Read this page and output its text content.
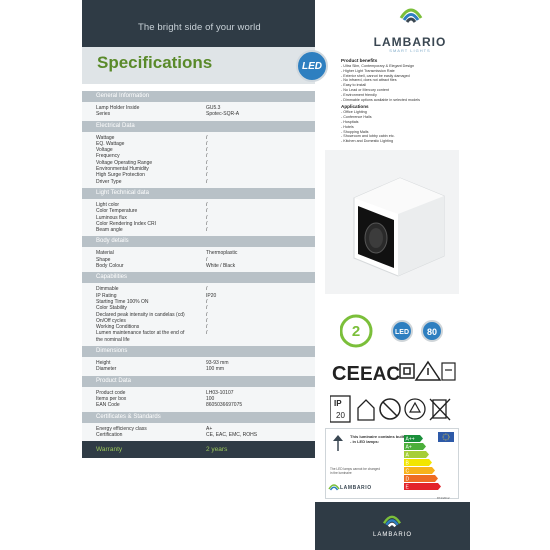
The bright side of your world
LAMBARIO
SMART LIGHTS
Specifications	LED
General Information
Lamp Holder Inside	GU5.3
Series	Spotec-SQR-A
Electrical Data
Wattage	/
EQ. Wattage	/
Voltage	/
Frequency	/
Voltage Operating Range	/
Environmental Humidity	/
High Surge Protection	/
Driver Type	/
Light Technical data
Light color	/
Color Temperature	/
Luminous flux	/
Color Rendering Index CRI	/
Beam angle	/
Body details
Material	Thermoplastic
Shape	/
Body Colour	White / Black
Capabilities
Dimmable	/
IP Rating	IP20
Starting Time 100% ON	/
Color Stability	/
Declared peak intensity in candelas (cd)	/
On/Off cycles	/
Working Conditions	/
Lumen maintenance factor at the end of	/
the nominal life
Dimensions
Height	93-93 mm
Diameter	100 mm
Product Data
Product code	LH03-10107
Items per box	100
EAN Code	8605036697075
Certificates & Standards
Energy efficiency class	A+
Certification	CE, EAC, EMC, ROHS
Warranty	2 years
Product benefits

- Ultra Slim, Contemporary & Elegant Design

- Higher Light Transmission Rate

- Exterior shell, cannot be easily damaged

- No infrared, does not attract flies

- Easy to install

- No Lead or Mercury content

- Environment friendly

- Dimmable options available in selected models

Applications

- Office Lighting

- Conference Halls

- Hospitals

- Hotels

- Shopping Malls

- Showroom and lobby cabin etc.

- Kitchen and Domestic Lighting

2	LED 80
CE EAC
IP
20
This luminaire contains built - in LED lamps:
The LED lamps cannot be changed in the luminaire
LAMBARIO
A++
A+
A
B
C
D
E
874/2012
LAMBARIO
